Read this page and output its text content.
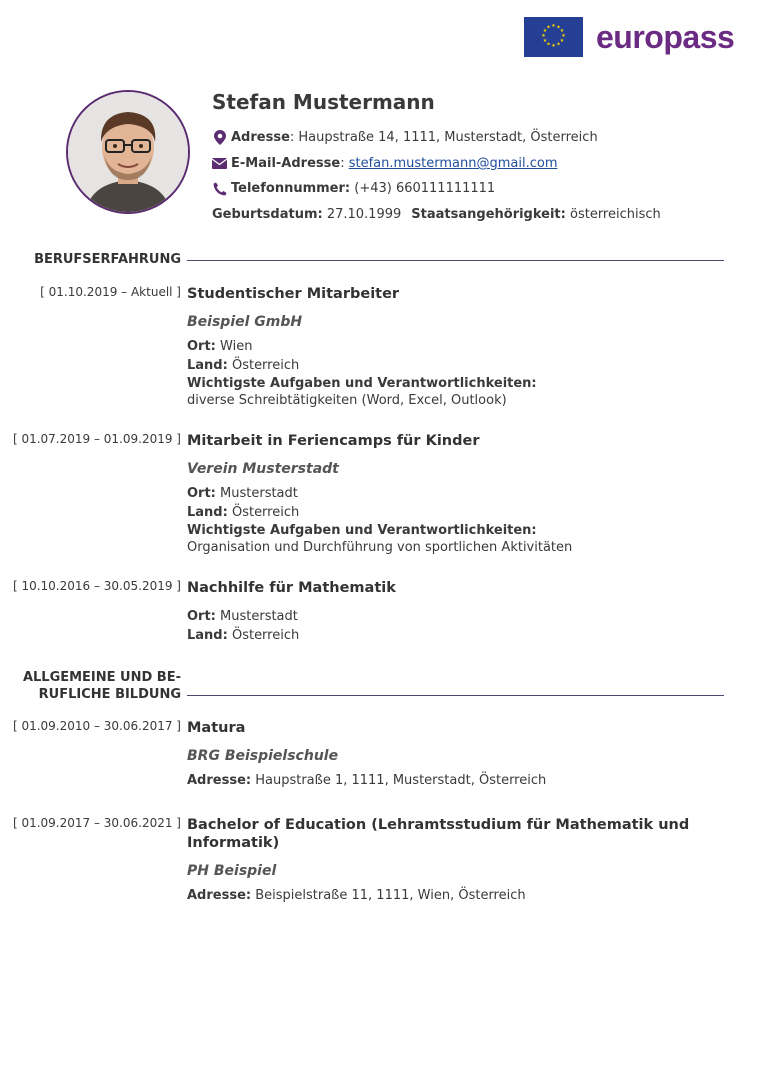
★ ★
★
★
★
★
★
★
★
★
★
★ europass
Stefan Mustermann
Adresse : Haupstraße 14, 1111, Musterstadt, Österreich
E-Mail-Adresse : stefan.mustermann@gmail.com
Telefonnummer: (+43) 660111111111
Geburtsdatum: 27.10.1999 Staatsangehörigkeit: österreichisch
BERUFSERFAHRUNG
[ 01.10.2019 – Aktuell ] Studentischer Mitarbeiter
Beispiel GmbH
Ort: Wien
Land: Österreich
Wichtigste Aufgaben und Verantwortlichkeiten:
diverse Schreibtätigkeiten (Word, Excel, Outlook)
[ 01.07.2019 – 01.09.2019 ] Mitarbeit in Feriencamps für Kinder
Verein Musterstadt
Ort: Musterstadt
Land: Österreich
Wichtigste Aufgaben und Verantwortlichkeiten:
Organisation und Durchführung von sportlichen Aktivitäten
[ 10.10.2016 – 30.05.2019 ] Nachhilfe für Mathematik
Ort: Musterstadt
Land: Österreich
ALLGEMEINE UND BE-
RUFLICHE BILDUNG
[ 01.09.2010 – 30.06.2017 ] Matura
BRG Beispielschule
Adresse: Haupstraße 1, 1111, Musterstadt, Österreich
[ 01.09.2017 – 30.06.2021 ] Bachelor of Education (Lehramtsstudium für Mathematik und Informatik)
PH Beispiel
Adresse: Beispielstraße 11, 1111, Wien, Österreich
